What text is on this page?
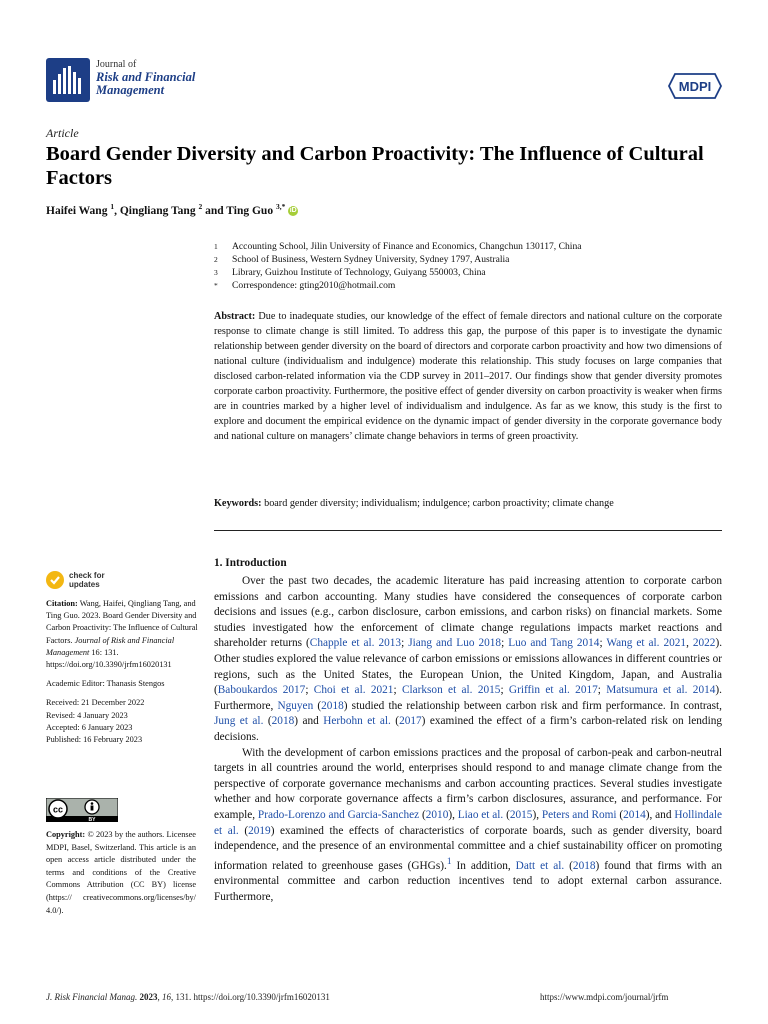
Journal of
Risk and Financial
Management	MDPI
Article
Board Gender Diversity and Carbon Proactivity: The Influence of Cultural Factors
Haifei Wang $^1$, Qingliang Tang $^2$ and Ting Guo $^{3,*}$ iD
1	Accounting School, Jilin University of Finance and Economics, Changchun 130117, China
2	School of Business, Western Sydney University, Sydney 1797, Australia
3	Library, Guizhou Institute of Technology, Guiyang 550003, China
*	Correspondence: gting2010@hotmail.com
Abstract: Due to inadequate studies, our knowledge of the effect of female directors and national culture on the corporate response to climate change is still limited. To address this gap, the purpose of this paper is to investigate the dynamic relationship between gender diversity on the board of directors and corporate carbon proactivity and how two dimensions of national culture (individualism and indulgence) moderate this relationship. This study focuses on large companies that disclosed carbon-related information via the CDP survey in 2011–2017. Our findings show that gender diversity promotes corporate carbon proactivity. Furthermore, the positive effect of gender diversity on carbon proactivity is weaker when firms are in countries marked by a higher level of individualism and indulgence. As far as we know, this study is the first to explore and document the empirical evidence on the dynamic impact of gender diversity in the corporate governance body and national culture on managers’ climate change behaviors in terms of green proactivity.
Keywords: board gender diversity; individualism; indulgence; carbon proactivity; climate change
check for
updates

Citation: Wang, Haifei, Qingliang Tang, and Ting Guo. 2023. Board Gender Diversity and Carbon Proactivity: The Influence of Cultural Factors. Journal of Risk and Financial Management 16: 131. https://doi.org/10.3390/jrfm16020131

Academic Editor: Thanasis Stengos

Received: 21 December 2022
Revised: 4 January 2023
Accepted: 6 January 2023
Published: 16 February 2023
cc
BY
Copyright: © 2023 by the authors. Licensee MDPI, Basel, Switzerland. This article is an open access article distributed under the terms and conditions of the Creative Commons Attribution (CC BY) license (https:// creativecommons.org/licenses/by/ 4.0/).
1. Introduction

Over the past two decades, the academic literature has paid increasing attention to corporate carbon emissions and carbon accounting. Many studies have considered the consequences of corporate carbon decisions and issues (e.g., carbon disclosure, carbon emissions, and carbon risks) on financial markets. Some studies investigated how the enforcement of climate change regulations impacts market reactions and shareholder returns (Chapple et al. 2013; Jiang and Luo 2018; Luo and Tang 2014; Wang et al. 2021, 2022). Other studies explored the value relevance of carbon emissions or emissions allowances in different countries or regions, such as the United States, the European Union, the United Kingdom, Japan, and Australia (Baboukardos 2017; Choi et al. 2021; Clarkson et al. 2015; Griffin et al. 2017; Matsumura et al. 2014). Furthermore, Nguyen (2018) studied the relationship between carbon risk and firm performance. In contrast, Jung et al. (2018) and Herbohn et al. (2017) examined the effect of a firm’s carbon-related risk on lending decisions.

With the development of carbon emissions practices and the proposal of carbon-peak and carbon-neutral targets in all countries around the world, enterprises should respond to and manage climate change from the perspective of corporate governance mechanisms and carbon accounting practices. Several studies investigate whether and how corporate governance affects a firm’s carbon disclosures, assurance, and performance. For example, Prado-Lorenzo and Garcia-Sanchez (2010), Liao et al. (2015), Peters and Romi (2014), and Hollindale et al. (2019) examined the effects of characteristics of corporate boards, such as gender diversity, board independence, and the presence of an environmental committee and a chief sustainability officer on promoting information related to greenhouse gases (GHGs).$^1$ In addition, Datt et al. (2018) found that firms with an environmental committee and carbon reduction incentives tend to adopt external carbon assurance. Furthermore,

J. Risk Financial Manag. 2023, 16, 131. https://doi.org/10.3390/jrfm16020131	https://www.mdpi.com/journal/jrfm
